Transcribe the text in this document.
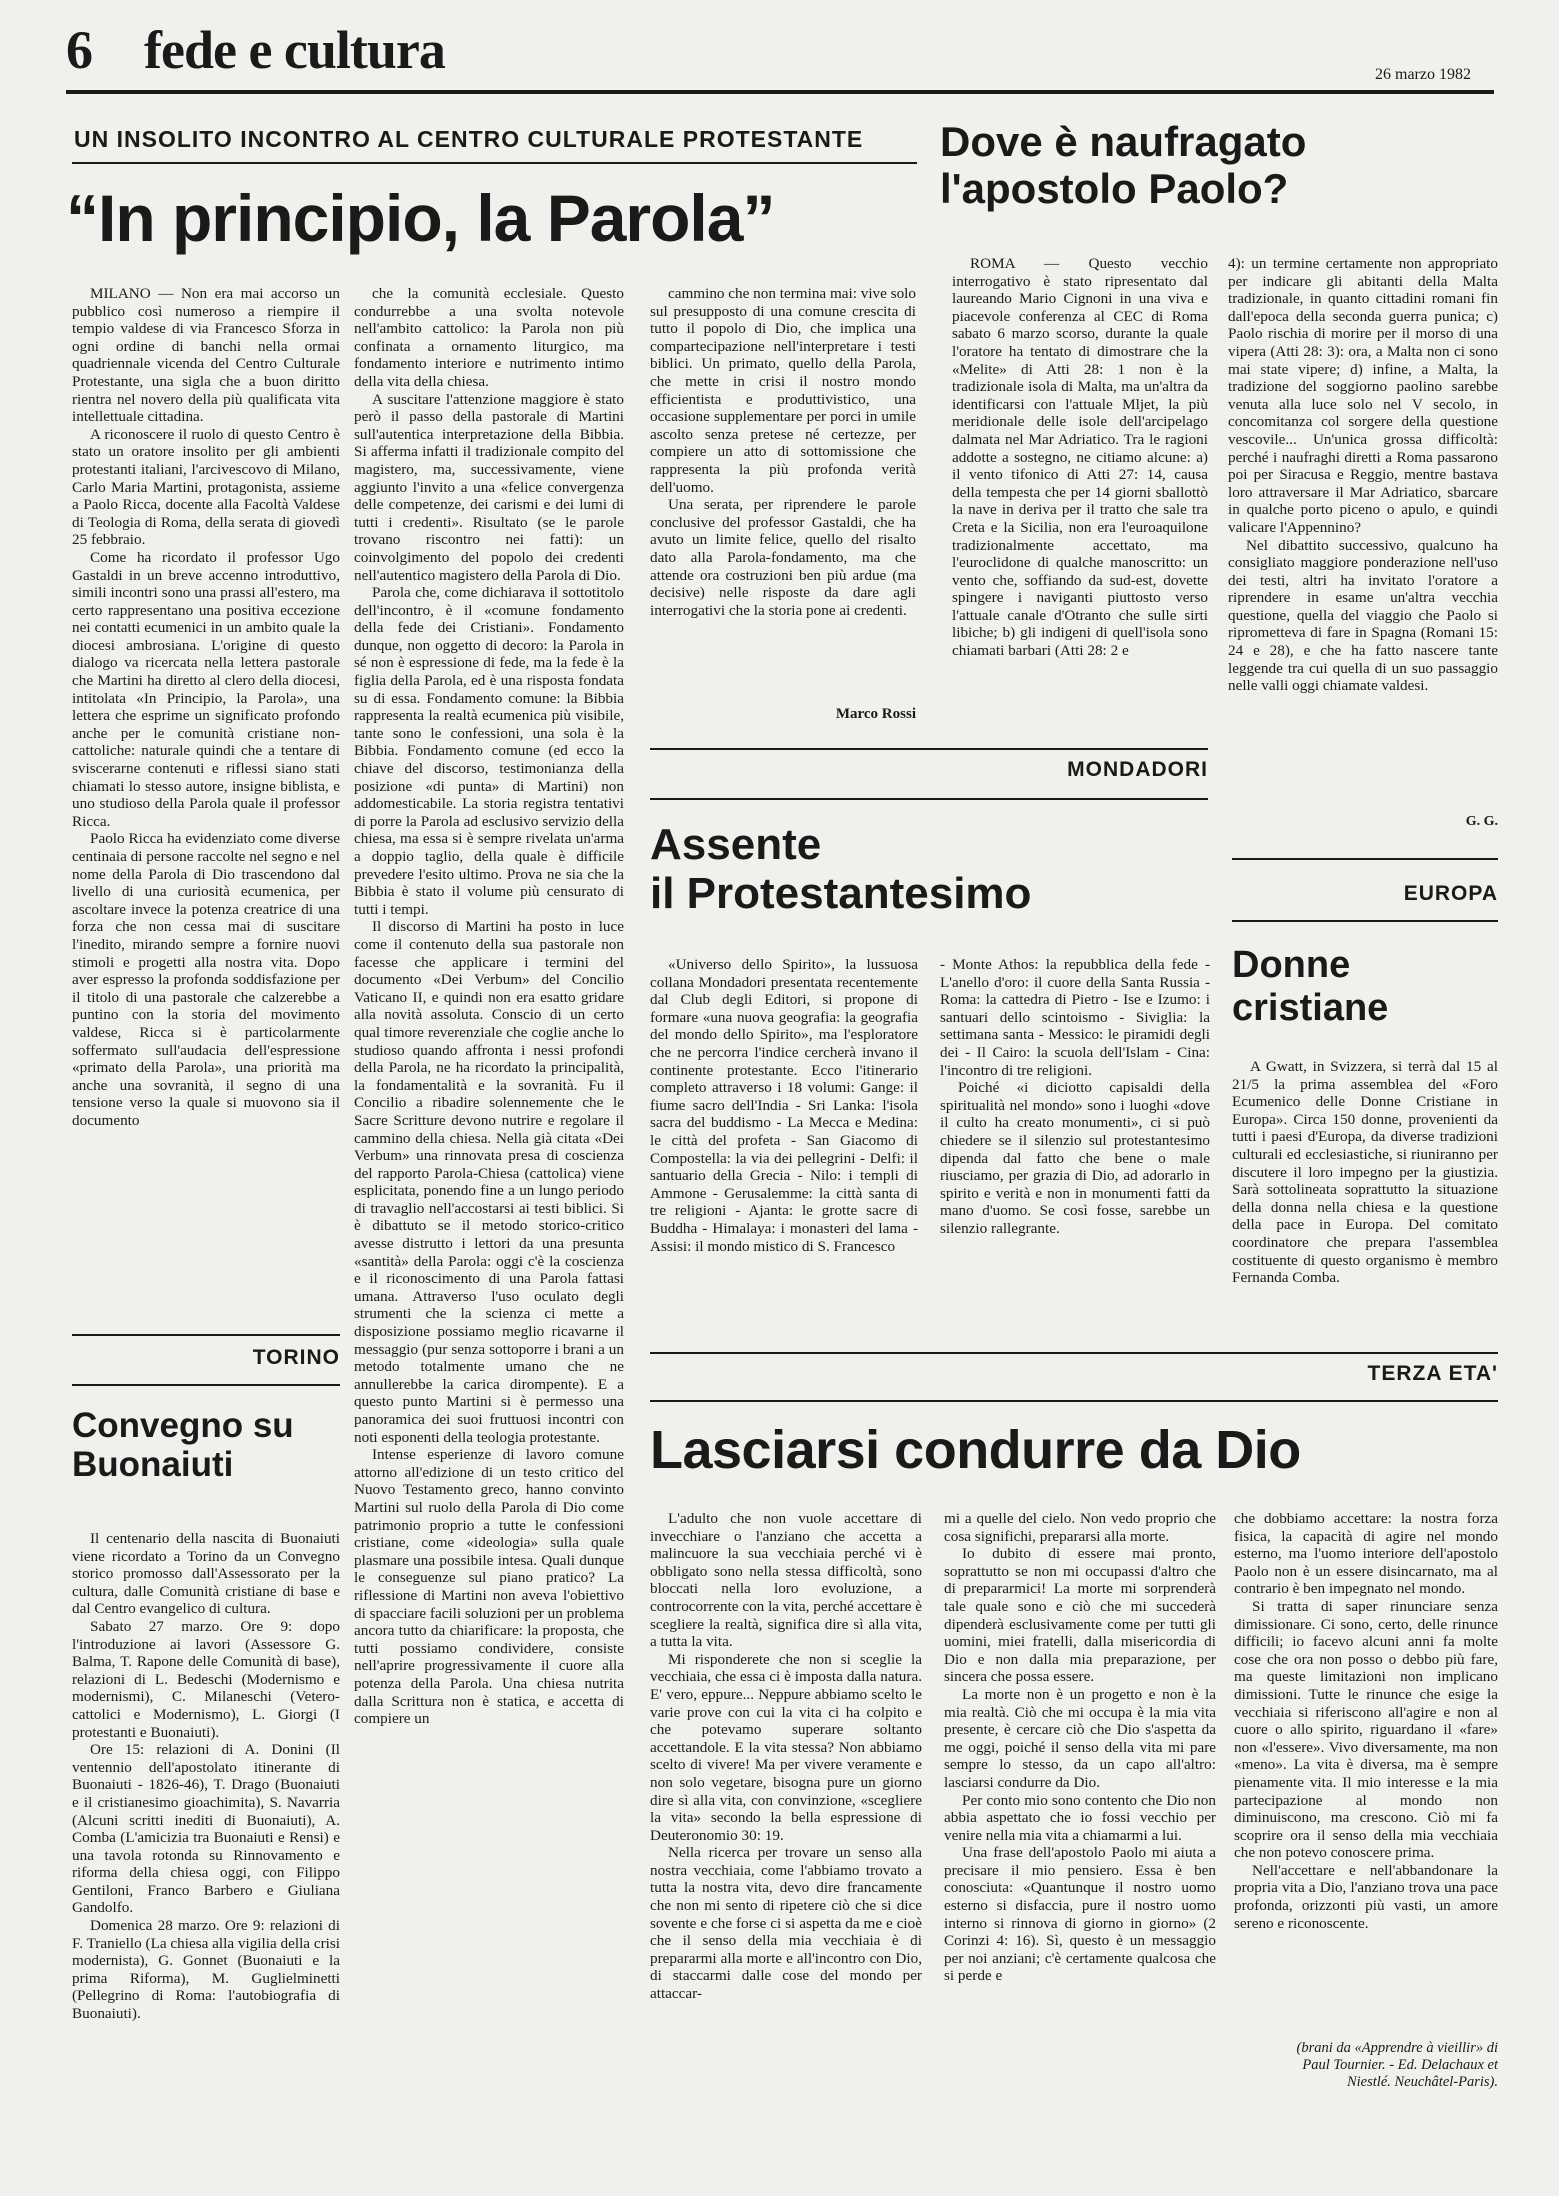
6 fede e cultura	26 marzo 1982
UN INSOLITO INCONTRO AL CENTRO CULTURALE PROTESTANTE
“In principio, la Parola”

MILANO — Non era mai accorso un pubblico così numeroso a riempire il tempio valdese di via Francesco Sforza in ogni ordine di banchi nella ormai quadriennale vicenda del Centro Culturale Protestante, una sigla che a buon diritto rientra nel novero della più qualificata vita intellettuale cittadina.

A riconoscere il ruolo di questo Centro è stato un oratore insolito per gli ambienti protestanti italiani, l'arcivescovo di Milano, Carlo Maria Martini, protagonista, assieme a Paolo Ricca, docente alla Facoltà Valdese di Teologia di Roma, della serata di giovedì 25 febbraio.

Come ha ricordato il professor Ugo Gastaldi in un breve accenno introduttivo, simili incontri sono una prassi all'estero, ma certo rappresentano una positiva eccezione nei contatti ecumenici in un ambito quale la diocesi ambrosiana. L'origine di questo dialogo va ricercata nella lettera pastorale che Martini ha diretto al clero della diocesi, intitolata «In Principio, la Parola», una lettera che esprime un significato profondo anche per le comunità cristiane non-cattoliche: naturale quindi che a tentare di sviscerarne contenuti e riflessi siano stati chiamati lo stesso autore, insigne biblista, e uno studioso della Parola quale il professor Ricca.

Paolo Ricca ha evidenziato come diverse centinaia di persone raccolte nel segno e nel nome della Parola di Dio trascendono dal livello di una curiosità ecumenica, per ascoltare invece la potenza creatrice di una forza che non cessa mai di suscitare l'inedito, mirando sempre a fornire nuovi stimoli e progetti alla nostra vita. Dopo aver espresso la profonda soddisfazione per il titolo di una pastorale che calzerebbe a puntino con la storia del movimento valdese, Ricca si è particolarmente soffermato sull'audacia dell'espressione «primato della Parola», una priorità ma anche una sovranità, il segno di una tensione verso la quale si muovono sia il documento

che la comunità ecclesiale. Questo condurrebbe a una svolta notevole nell'ambito cattolico: la Parola non più confinata a ornamento liturgico, ma fondamento interiore e nutrimento intimo della vita della chiesa.

A suscitare l'attenzione maggiore è stato però il passo della pastorale di Martini sull'autentica interpretazione della Bibbia. Si afferma infatti il tradizionale compito del magistero, ma, successivamente, viene aggiunto l'invito a una «felice convergenza delle competenze, dei carismi e dei lumi di tutti i credenti». Risultato (se le parole trovano riscontro nei fatti): un coinvolgimento del popolo dei credenti nell'autentico magistero della Parola di Dio.

Parola che, come dichiarava il sottotitolo dell'incontro, è il «comune fondamento della fede dei Cristiani». Fondamento dunque, non oggetto di decoro: la Parola in sé non è espressione di fede, ma la fede è la figlia della Parola, ed è una risposta fondata su di essa. Fondamento comune: la Bibbia rappresenta la realtà ecumenica più visibile, tante sono le confessioni, una sola è la Bibbia. Fondamento comune (ed ecco la chiave del discorso, testimonianza della posizione «di punta» di Martini) non addomesticabile. La storia registra tentativi di porre la Parola ad esclusivo servizio della chiesa, ma essa si è sempre rivelata un'arma a doppio taglio, della quale è difficile prevedere l'esito ultimo. Prova ne sia che la Bibbia è stato il volume più censurato di tutti i tempi.

Il discorso di Martini ha posto in luce come il contenuto della sua pastorale non facesse che applicare i termini del documento «Dei Verbum» del Concilio Vaticano II, e quindi non era esatto gridare alla novità assoluta. Conscio di un certo qual timore reverenziale che coglie anche lo studioso quando affronta i nessi profondi della Parola, ne ha ricordato la principalità, la fondamentalità e la sovranità. Fu il Concilio a ribadire solennemente che le Sacre Scritture devono nutrire e regolare il cammino della chiesa. Nella già citata «Dei Verbum» una rinnovata presa di coscienza del rapporto Parola-Chiesa (cattolica) viene esplicitata, ponendo fine a un lungo periodo di travaglio nell'accostarsi ai testi biblici. Si è dibattuto se il metodo storico-critico avesse distrutto i lettori da una presunta «santità» della Parola: oggi c'è la coscienza e il riconoscimento di una Parola fattasi umana. Attraverso l'uso oculato degli strumenti che la scienza ci mette a disposizione possiamo meglio ricavarne il messaggio (pur senza sottoporre i brani a un metodo totalmente umano che ne annullerebbe la carica dirompente). E a questo punto Martini si è permesso una panoramica dei suoi fruttuosi incontri con noti esponenti della teologia protestante.

Intense esperienze di lavoro comune attorno all'edizione di un testo critico del Nuovo Testamento greco, hanno convinto Martini sul ruolo della Parola di Dio come patrimonio proprio a tutte le confessioni cristiane, come «ideologia» sulla quale plasmare una possibile intesa. Quali dunque le conseguenze sul piano pratico? La riflessione di Martini non aveva l'obiettivo di spacciare facili soluzioni per un problema ancora tutto da chiarificare: la proposta, che tutti possiamo condividere, consiste nell'aprire progressivamente il cuore alla potenza della Parola. Una chiesa nutrita dalla Scrittura non è statica, e accetta di compiere un

cammino che non termina mai: vive solo sul presupposto di una comune crescita di tutto il popolo di Dio, che implica una compartecipazione nell'interpretare i testi biblici. Un primato, quello della Parola, che mette in crisi il nostro mondo efficientista e produttivistico, una occasione supplementare per porci in umile ascolto senza pretese né certezze, per compiere un atto di sottomissione che rappresenta la più profonda verità dell'uomo.

Una serata, per riprendere le parole conclusive del professor Gastaldi, che ha avuto un limite felice, quello del risalto dato alla Parola-fondamento, ma che attende ora costruzioni ben più ardue (ma decisive) nelle risposte da dare agli interrogativi che la storia pone ai credenti.

Marco Rossi
Dove è naufragato
l'apostolo Paolo?

ROMA — Questo vecchio interrogativo è stato ripresentato dal laureando Mario Cignoni in una viva e piacevole conferenza al CEC di Roma sabato 6 marzo scorso, durante la quale l'oratore ha tentato di dimostrare che la «Melite» di Atti 28: 1 non è la tradizionale isola di Malta, ma un'altra da identificarsi con l'attuale Mljet, la più meridionale delle isole dell'arcipelago dalmata nel Mar Adriatico. Tra le ragioni addotte a sostegno, ne citiamo alcune: a) il vento tifonico di Atti 27: 14, causa della tempesta che per 14 giorni sballottò la nave in deriva per il tratto che sale tra Creta e la Sicilia, non era l'euroaquilone tradizionalmente accettato, ma l'euroclidone di qualche manoscritto: un vento che, soffiando da sud-est, dovette spingere i naviganti piuttosto verso l'attuale canale d'Otranto che sulle sirti libiche; b) gli indigeni di quell'isola sono chiamati barbari (Atti 28: 2 e

4): un termine certamente non appropriato per indicare gli abitanti della Malta tradizionale, in quanto cittadini romani fin dall'epoca della seconda guerra punica; c) Paolo rischia di morire per il morso di una vipera (Atti 28: 3): ora, a Malta non ci sono mai state vipere; d) infine, a Malta, la tradizione del soggiorno paolino sarebbe venuta alla luce solo nel V secolo, in concomitanza col sorgere della questione vescovile... Un'unica grossa difficoltà: perché i naufraghi diretti a Roma passarono poi per Siracusa e Reggio, mentre bastava loro attraversare il Mar Adriatico, sbarcare in qualche porto piceno o apulo, e quindi valicare l'Appennino?

Nel dibattito successivo, qualcuno ha consigliato maggiore ponderazione nell'uso dei testi, altri ha invitato l'oratore a riprendere in esame un'altra vecchia questione, quella del viaggio che Paolo si riprometteva di fare in Spagna (Romani 15: 24 e 28), e che ha fatto nascere tante leggende tra cui quella di un suo passaggio nelle valli oggi chiamate valdesi.

G. G.
MONDADORI
Assente
il Protestantesimo

«Universo dello Spirito», la lussuosa collana Mondadori presentata recentemente dal Club degli Editori, si propone di formare «una nuova geografia: la geografia del mondo dello Spirito», ma l'esploratore che ne percorra l'indice cercherà invano il continente protestante. Ecco l'itinerario completo attraverso i 18 volumi: Gange: il fiume sacro dell'India - Sri Lanka: l'isola sacra del buddismo - La Mecca e Medina: le città del profeta - San Giacomo di Compostella: la via dei pellegrini - Delfi: il santuario della Grecia - Nilo: i templi di Ammone - Gerusalemme: la città santa di tre religioni - Ajanta: le grotte sacre di Buddha - Himalaya: i monasteri del lama - Assisi: il mondo mistico di S. Francesco

- Monte Athos: la repubblica della fede - L'anello d'oro: il cuore della Santa Russia - Roma: la cattedra di Pietro - Ise e Izumo: i santuari dello scintoismo - Siviglia: la settimana santa - Messico: le piramidi degli dei - Il Cairo: la scuola dell'Islam - Cina: l'incontro di tre religioni.

Poiché «i diciotto capisaldi della spiritualità nel mondo» sono i luoghi «dove il culto ha creato monumenti», ci si può chiedere se il silenzio sul protestantesimo dipenda dal fatto che bene o male riusciamo, per grazia di Dio, ad adorarlo in spirito e verità e non in monumenti fatti da mano d'uomo. Se così fosse, sarebbe un silenzio rallegrante.

EUROPA
Donne
cristiane

A Gwatt, in Svizzera, si terrà dal 15 al 21/5 la prima assemblea del «Foro Ecumenico delle Donne Cristiane in Europa». Circa 150 donne, provenienti da tutti i paesi d'Europa, da diverse tradizioni culturali ed ecclesiastiche, si riuniranno per discutere il loro impegno per la giustizia. Sarà sottolineata soprattutto la situazione della donna nella chiesa e la questione della pace in Europa. Del comitato coordinatore che prepara l'assemblea costituente di questo organismo è membro Fernanda Comba.

TORINO
Convegno su
Buonaiuti

Il centenario della nascita di Buonaiuti viene ricordato a Torino da un Convegno storico promosso dall'Assessorato per la cultura, dalle Comunità cristiane di base e dal Centro evangelico di cultura.

Sabato 27 marzo. Ore 9: dopo l'introduzione ai lavori (Assessore G. Balma, T. Rapone delle Comunità di base), relazioni di L. Bedeschi (Modernismo e modernismi), C. Milaneschi (Vetero-cattolici e Modernismo), L. Giorgi (I protestanti e Buonaiuti).

Ore 15: relazioni di A. Donini (Il ventennio dell'apostolato itinerante di Buonaiuti - 1826-46), T. Drago (Buonaiuti e il cristianesimo gioachimita), S. Navarria (Alcuni scritti inediti di Buonaiuti), A. Comba (L'amicizia tra Buonaiuti e Rensi) e una tavola rotonda su Rinnovamento e riforma della chiesa oggi, con Filippo Gentiloni, Franco Barbero e Giuliana Gandolfo.

Domenica 28 marzo. Ore 9: relazioni di F. Traniello (La chiesa alla vigilia della crisi modernista), G. Gonnet (Buonaiuti e la prima Riforma), M. Guglielminetti (Pellegrino di Roma: l'autobiografia di Buonaiuti).

TERZA ETA'
Lasciarsi condurre da Dio

L'adulto che non vuole accettare di invecchiare o l'anziano che accetta a malincuore la sua vecchiaia perché vi è obbligato sono nella stessa difficoltà, sono bloccati nella loro evoluzione, a controcorrente con la vita, perché accettare è scegliere la realtà, significa dire sì alla vita, a tutta la vita.

Mi risponderete che non si sceglie la vecchiaia, che essa ci è imposta dalla natura. E' vero, eppure... Neppure abbiamo scelto le varie prove con cui la vita ci ha colpito e che potevamo superare soltanto accettandole. E la vita stessa? Non abbiamo scelto di vivere! Ma per vivere veramente e non solo vegetare, bisogna pure un giorno dire sì alla vita, con convinzione, «scegliere la vita» secondo la bella espressione di Deuteronomio 30: 19.

Nella ricerca per trovare un senso alla nostra vecchiaia, come l'abbiamo trovato a tutta la nostra vita, devo dire francamente che non mi sento di ripetere ciò che si dice sovente e che forse ci si aspetta da me e cioè che il senso della mia vecchiaia è di prepararmi alla morte e all'incontro con Dio, di staccarmi dalle cose del mondo per attaccar-

mi a quelle del cielo. Non vedo proprio che cosa significhi, prepararsi alla morte.

Io dubito di essere mai pronto, soprattutto se non mi occupassi d'altro che di prepararmici! La morte mi sorprenderà tale quale sono e ciò che mi succederà dipenderà esclusivamente come per tutti gli uomini, miei fratelli, dalla misericordia di Dio e non dalla mia preparazione, per sincera che possa essere.

La morte non è un progetto e non è la mia realtà. Ciò che mi occupa è la mia vita presente, è cercare ciò che Dio s'aspetta da me oggi, poiché il senso della vita mi pare sempre lo stesso, da un capo all'altro: lasciarsi condurre da Dio.

Per conto mio sono contento che Dio non abbia aspettato che io fossi vecchio per venire nella mia vita a chiamarmi a lui.

Una frase dell'apostolo Paolo mi aiuta a precisare il mio pensiero. Essa è ben conosciuta: «Quantunque il nostro uomo esterno si disfaccia, pure il nostro uomo interno si rinnova di giorno in giorno» (2 Corinzi 4: 16). Sì, questo è un messaggio per noi anziani; c'è certamente qualcosa che si perde e

che dobbiamo accettare: la nostra forza fisica, la capacità di agire nel mondo esterno, ma l'uomo interiore dell'apostolo Paolo non è un essere disincarnato, ma al contrario è ben impegnato nel mondo.

Si tratta di saper rinunciare senza dimissionare. Ci sono, certo, delle rinunce difficili; io facevo alcuni anni fa molte cose che ora non posso o debbo più fare, ma queste limitazioni non implicano dimissioni. Tutte le rinunce che esige la vecchiaia si riferiscono all'agire e non al cuore o allo spirito, riguardano il «fare» non «l'essere». Vivo diversamente, ma non «meno». La vita è diversa, ma è sempre pienamente vita. Il mio interesse e la mia partecipazione al mondo non diminuiscono, ma crescono. Ciò mi fa scoprire ora il senso della mia vecchiaia che non potevo conoscere prima.

Nell'accettare e nell'abbandonare la propria vita a Dio, l'anziano trova una pace profonda, orizzonti più vasti, un amore sereno e riconoscente.

(brani da «Apprendre à vieillir» di Paul Tournier. - Ed. Delachaux et Niestlé. Neuchâtel-Paris).
